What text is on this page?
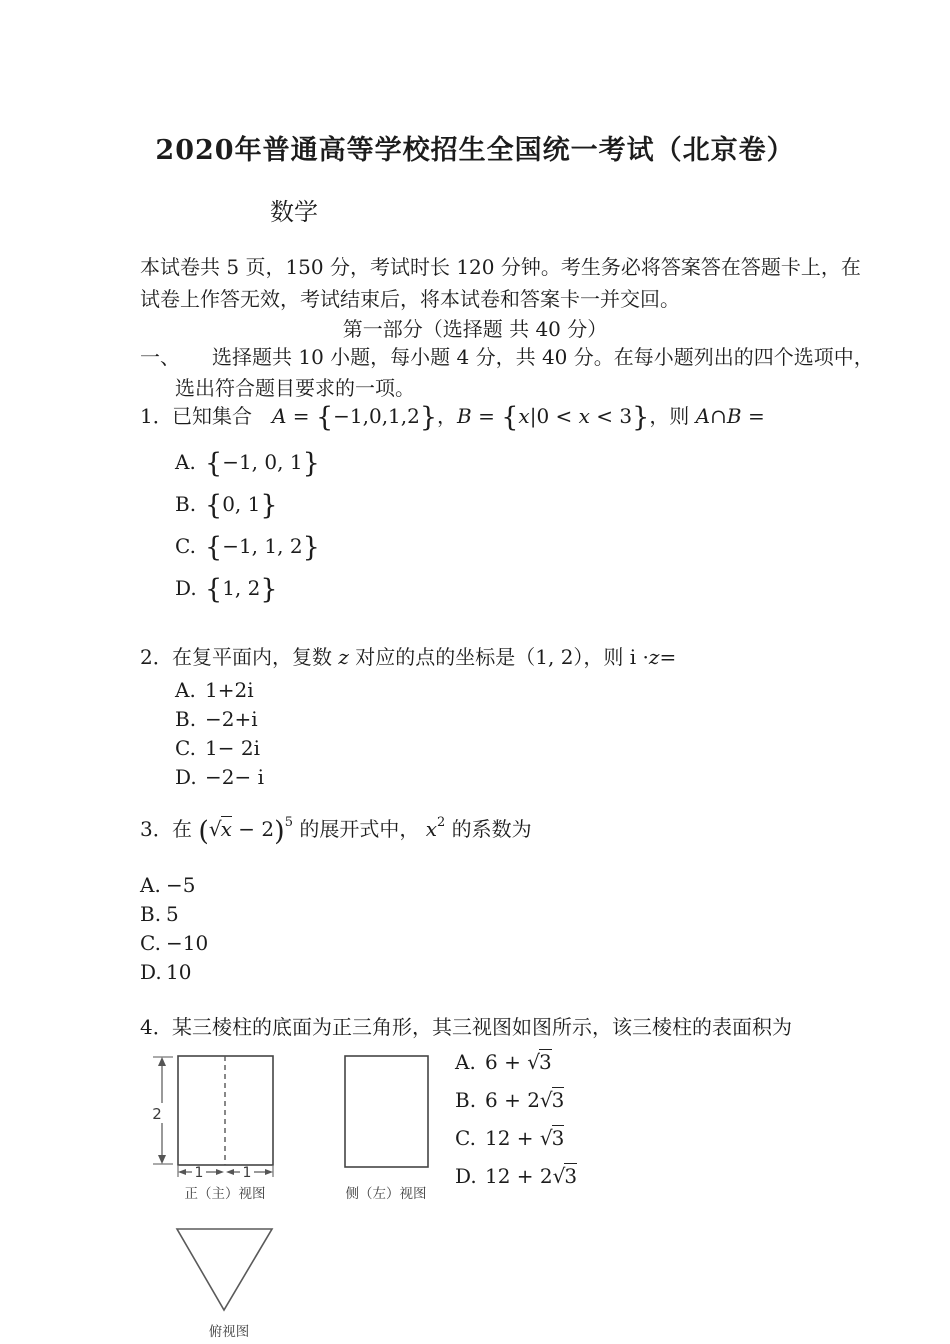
2020年普通高等学校招生全国统一考试（北京卷）
数学
本试卷共 5 页，150 分，考试时长 120 分钟。考生务必将答案答在答题卡上，在
试卷上作答无效，考试结束后，将本试卷和答案卡一并交回。
第一部分（选择题 共 40 分）
一、 选择题共 10 小题，每小题 4 分，共 40 分。在每小题列出的四个选项中，
选出符合题目要求的一项。
1．已知集合　A = {−1,0,1,2}，B = {x|0 < x < 3}，则 A∩B =
A. {−1, 0, 1}
B. {0, 1}
C. {−1, 1, 2}
D. {1, 2}
2．在复平面内，复数 z 对应的点的坐标是（1, 2），则 i ·z=
A. 1+2i
B. −2+i
C. 1− 2i
D. −2− i
3．在 $(√x - 2)^5$ 的展开式中， $x^2$ 的系数为
A. −5
B. 5
C. −10
D. 10
4．某三棱柱的底面为正三角形，其三视图如图所示，该三棱柱的表面积为
2
1	1
正（主）视图	侧（左）视图
俯视图
A. 6 + √3
B. 6 + 2√3
C. 12 + √3
D. 12 + 2√3
